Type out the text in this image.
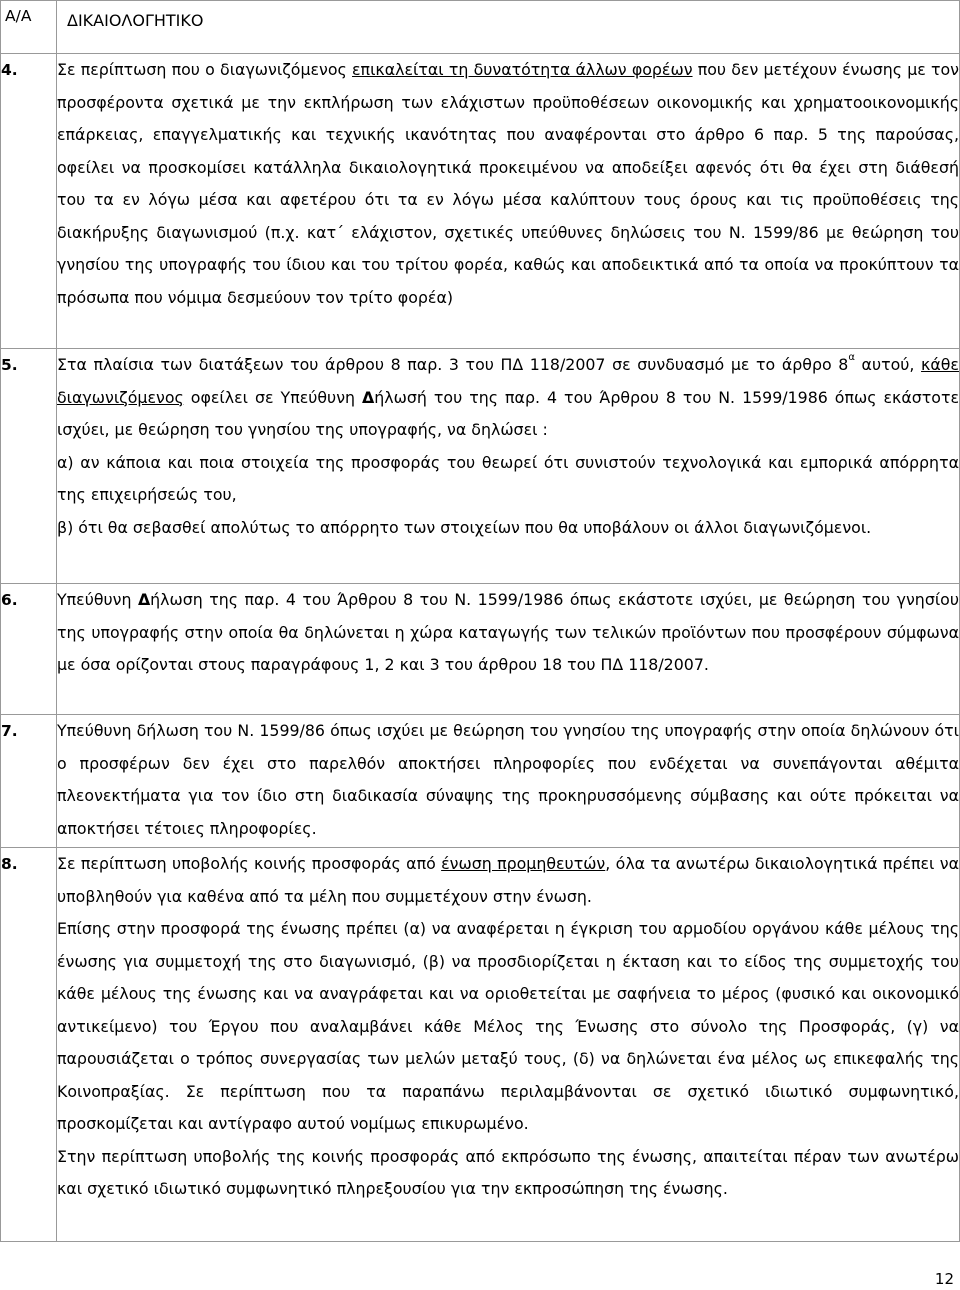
Α/Α	ΔΙΚΑΙΟΛΟΓΗΤΙΚΟ
4.	Σε περίπτωση που ο διαγωνιζόμενος επικαλείται τη δυνατότητα άλλων φορέων που δεν μετέχουν ένωσης με τον προσφέροντα σχετικά με την εκπλήρωση των ελάχιστων προϋποθέσεων οικονομικής και χρηματοοικονομικής επάρκειας, επαγγελματικής και τεχνικής ικανότητας που αναφέρονται στο άρθρο 6 παρ. 5 της παρούσας, οφείλει να προσκομίσει κατάλληλα δικαιολογητικά προκειμένου να αποδείξει αφενός ότι θα έχει στη διάθεσή του τα εν λόγω μέσα και αφετέρου ότι τα εν λόγω μέσα καλύπτουν τους όρους και τις προϋποθέσεις της διακήρυξης διαγωνισμού (π.χ. κατ΄ ελάχιστον, σχετικές υπεύθυνες δηλώσεις του Ν. 1599/86 με θεώρηση του γνησίου της υπογραφής του ίδιου και του τρίτου φορέα, καθώς και αποδεικτικά από τα οποία να προκύπτουν τα πρόσωπα που νόμιμα δεσμεύουν τον τρίτο φορέα)

5.	Στα πλαίσια των διατάξεων του άρθρου 8 παρ. 3 του ΠΔ 118/2007 σε συνδυασμό με το άρθρο $8^\alpha$ αυτού, κάθε διαγωνιζόμενος οφείλει σε Υπεύθυνη Δήλωσή του της παρ. 4 του Άρθρου 8 του Ν. 1599/1986 όπως εκάστοτε ισχύει, με θεώρηση του γνησίου της υπογραφής, να δηλώσει :

α) αν κάποια και ποια στοιχεία της προσφοράς του θεωρεί ότι συνιστούν τεχνολογικά και εμπορικά απόρρητα της επιχειρήσεώς του,

β) ότι θα σεβασθεί απολύτως το απόρρητο των στοιχείων που θα υποβάλουν οι άλλοι διαγωνιζόμενοι.

6.	Υπεύθυνη Δήλωση της παρ. 4 του Άρθρου 8 του Ν. 1599/1986 όπως εκάστοτε ισχύει, με θεώρηση του γνησίου της υπογραφής στην οποία θα δηλώνεται η χώρα καταγωγής των τελικών προϊόντων που προσφέρουν σύμφωνα με όσα ορίζονται στους παραγράφους 1, 2 και 3 του άρθρου 18 του ΠΔ 118/2007.

7.	Υπεύθυνη δήλωση του Ν. 1599/86 όπως ισχύει με θεώρηση του γνησίου της υπογραφής στην οποία δηλώνουν ότι ο προσφέρων δεν έχει στο παρελθόν αποκτήσει πληροφορίες που ενδέχεται να συνεπάγονται αθέμιτα πλεονεκτήματα για τον ίδιο στη διαδικασία σύναψης της προκηρυσσόμενης σύμβασης και ούτε πρόκειται να αποκτήσει τέτοιες πληροφορίες.

8.	Σε περίπτωση υποβολής κοινής προσφοράς από ένωση προμηθευτών, όλα τα ανωτέρω δικαιολογητικά πρέπει να υποβληθούν για καθένα από τα μέλη που συμμετέχουν στην ένωση.

Επίσης στην προσφορά της ένωσης πρέπει (α) να αναφέρεται η έγκριση του αρμοδίου οργάνου κάθε μέλους της ένωσης για συμμετοχή της στο διαγωνισμό, (β) να προσδιορίζεται η έκταση και το είδος της συμμετοχής του κάθε μέλους της ένωσης και να αναγράφεται και να οριοθετείται με σαφήνεια το μέρος (φυσικό και οικονομικό αντικείμενο) του Έργου που αναλαμβάνει κάθε Μέλος της Ένωσης στο σύνολο της Προσφοράς, (γ) να παρουσιάζεται ο τρόπος συνεργασίας των μελών μεταξύ τους, (δ) να δηλώνεται ένα μέλος ως επικεφαλής της Κοινοπραξίας. Σε περίπτωση που τα παραπάνω περιλαμβάνονται σε σχετικό ιδιωτικό συμφωνητικό, προσκομίζεται και αντίγραφο αυτού νομίμως επικυρωμένο.

Στην περίπτωση υποβολής της κοινής προσφοράς από εκπρόσωπο της ένωσης, απαιτείται πέραν των ανωτέρω και σχετικό ιδιωτικό συμφωνητικό πληρεξουσίου για την εκπροσώπηση της ένωσης.

12
